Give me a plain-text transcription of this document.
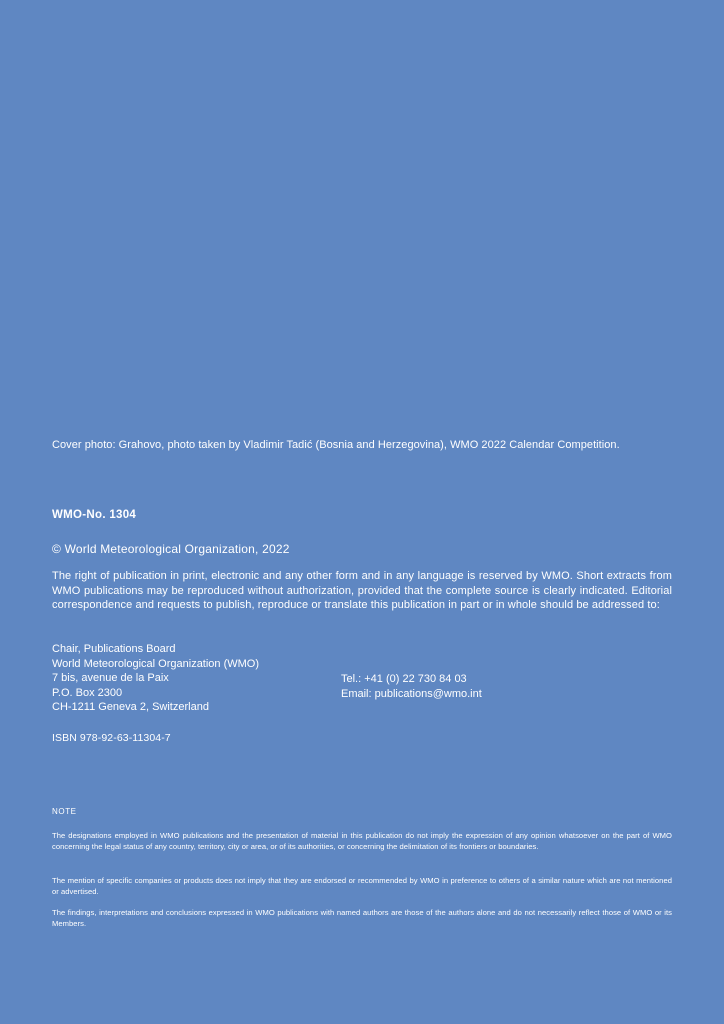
Cover photo: Grahovo, photo taken by Vladimir Tadić (Bosnia and Herzegovina), WMO 2022 Calendar Competition.
WMO-No. 1304
© World Meteorological Organization, 2022
The right of publication in print, electronic and any other form and in any language is reserved by WMO. Short extracts from WMO publications may be reproduced without authorization, provided that the complete source is clearly indicated. Editorial correspondence and requests to publish, reproduce or translate this publication in part or in whole should be addressed to:
Chair, Publications Board
World Meteorological Organization (WMO)
7 bis, avenue de la Paix
P.O. Box 2300
CH-1211 Geneva 2, Switzerland
Tel.: +41 (0) 22 730 84 03
Email: publications@wmo.int
ISBN 978-92-63-11304-7
NOTE
The designations employed in WMO publications and the presentation of material in this publication do not imply the expression of any opinion whatsoever on the part of WMO concerning the legal status of any country, territory, city or area, or of its authorities, or concerning the delimitation of its frontiers or boundaries.
The mention of specific companies or products does not imply that they are endorsed or recommended by WMO in preference to others of a similar nature which are not mentioned or advertised.
The findings, interpretations and conclusions expressed in WMO publications with named authors are those of the authors alone and do not necessarily reflect those of WMO or its Members.
